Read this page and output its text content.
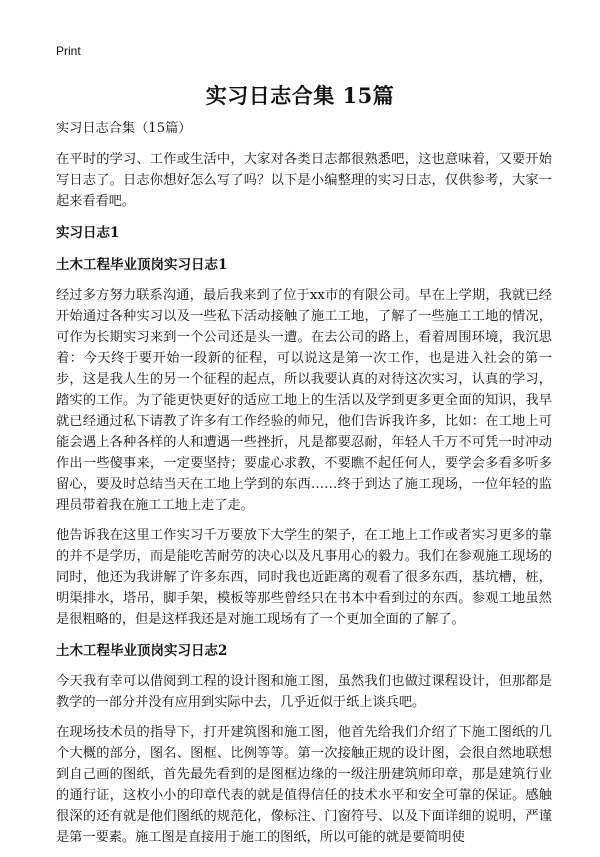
Print
实习日志合集 15篇

实习日志合集（15篇）

在平时的学习、工作或生活中，大家对各类日志都很熟悉吧，这也意味着，又要开始写日志了。日志你想好怎么写了吗？以下是小编整理的实习日志，仅供参考，大家一起来看看吧。

实习日志1
土木工程毕业顶岗实习日志1

经过多方努力联系沟通，最后我来到了位于xx市的有限公司。早在上学期，我就已经开始通过各种实习以及一些私下活动接触了施工工地，了解了一些施工工地的情况，可作为长期实习来到一个公司还是头一遭。在去公司的路上，看着周围环境，我沉思着：今天终于要开始一段新的征程，可以说这是第一次工作，也是进入社会的第一步，这是我人生的另一个征程的起点，所以我要认真的对待这次实习，认真的学习，踏实的工作。为了能更快更好的适应工地上的生活以及学到更多更全面的知识，我早就已经通过私下请教了许多有工作经验的师兄，他们告诉我许多，比如：在工地上可能会遇上各种各样的人和遭遇一些挫折，凡是都要忍耐，年轻人千万不可凭一时冲动作出一些傻事来，一定要坚持；要虚心求教，不要瞧不起任何人，要学会多看多听多留心，要及时总结当天在工地上学到的东西……终于到达了施工现场，一位年轻的监理员带着我在施工工地上走了走。

他告诉我在这里工作实习千万要放下大学生的架子，在工地上工作或者实习更多的靠的并不是学历，而是能吃苦耐劳的决心以及凡事用心的毅力。我们在参观施工现场的同时，他还为我讲解了许多东西，同时我也近距离的观看了很多东西，基坑槽，桩，明渠排水，塔吊，脚手架，模板等那些曾经只在书本中看到过的东西。参观工地虽然是很粗略的，但是这样我还是对施工现场有了一个更加全面的了解了。

土木工程毕业顶岗实习日志2

今天我有幸可以借阅到工程的设计图和施工图，虽然我们也做过课程设计，但那都是教学的一部分并没有应用到实际中去，几乎近似于纸上谈兵吧。

在现场技术员的指导下，打开建筑图和施工图，他首先给我们介绍了下施工图纸的几个大概的部分，图名、图框、比例等等。第一次接触正规的设计图，会很自然地联想到自己画的图纸，首先最先看到的是图框边缘的一级注册建筑师印章，那是建筑行业的通行证，这枚小小的印章代表的就是值得信任的技术水平和安全可靠的保证。感触很深的还有就是他们图纸的规范化，像标注、门窗符号、以及下面详细的说明，严谨是第一要素。施工图是直接用于施工的图纸，所以可能的就是要简明使
